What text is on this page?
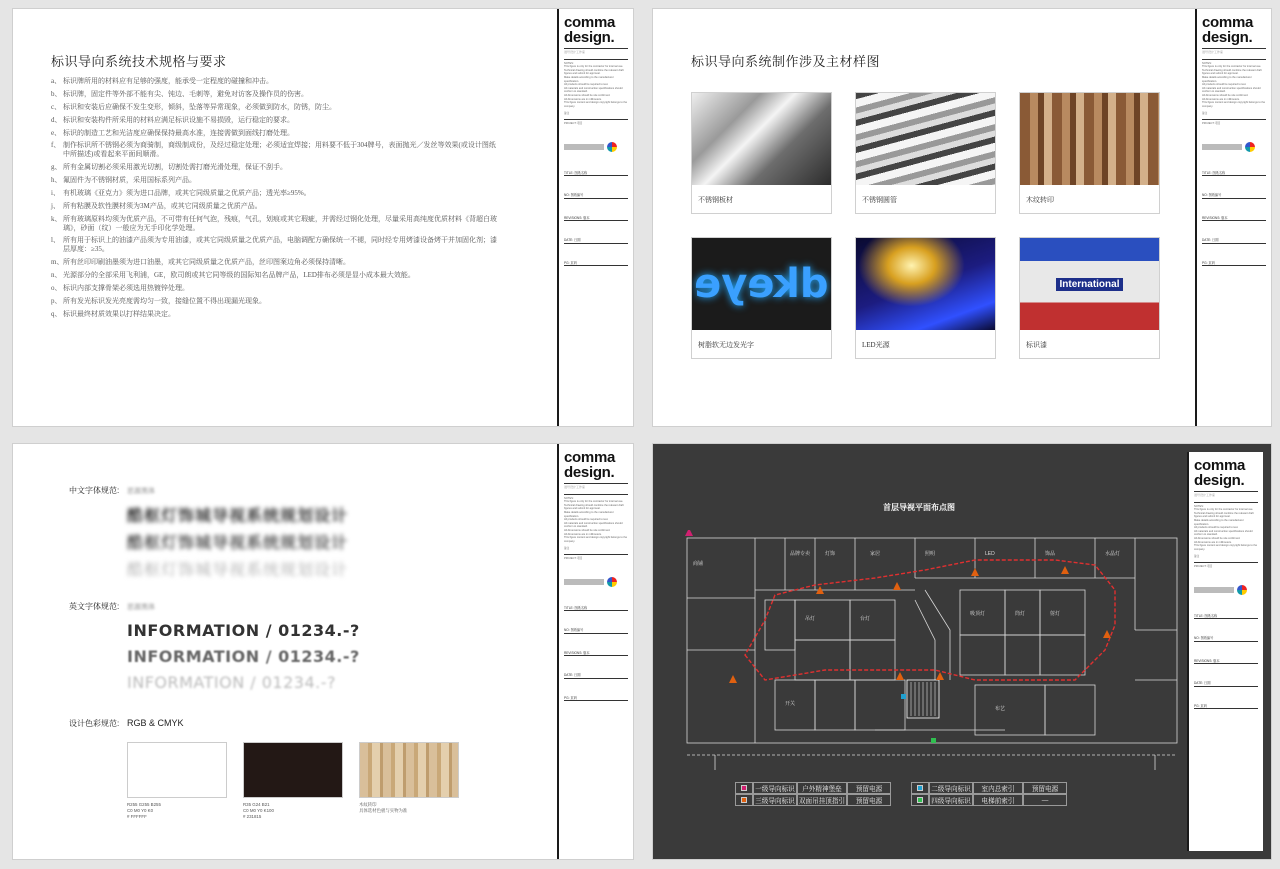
标识导向系统技术规格与要求
a、 标识牌所用的材料应有足够的强度，能承受一定程度的碰撞和冲击。
b、 标识牌，固定件等外部不能有尖、钝边、毛刺等，避免对访客及操作员的伤害。
c、 标识和安装后应确保不发生变形，倾斜，坠落等异常现象，必须做到防水，防锈，防尘。
d、 标识和安装构件所采用的材料应满足标识设施不易损毁，运行稳定的要求。
e、 标识的制造工艺和光洁度应确保保持最高水准，连接需做到面线打磨处理。
f、 制作标识所不锈钢必须为商骑制，商级制成份，及经过稳定处理；必须适宜焊接；用料要不低于304牌号，表面抛光／发丝等效果(或设计图纸中所描述)或看起来平面间顺滑。
g、 所有金属切割必须采用激光切割，切割处需打磨光滑处理，保证不刮手。
h、 氟固件为不锈钢材质，采用国标系列产品。
i、 有机玻璃《亚克力》须为进口品牌，或其它同级质量之优质产品；透光率≥95%。
j、 所有粘膜及软性膜材须为3M产品，或其它同级质量之优质产品。
k、 所有玻璃原料均须为优质产品，不可带有任何气泡，残痕，气孔，划痕或其它瑕疵，并需经过钢化处理，尽量采用高纯度优质材料《背超白玻璃》，砂面（纹）一般应为无手印化学处理。
l、 所有用于标识上的油漆产品须为专用油漆，或其它同级质量之优质产品，电脑调配方确保统一不褪，同时经专用烤漆设备烤干并加固化剂；漆层厚度：≥35。
m、 所有丝印印刷油墨须为进口油墨，或其它同级质量之优质产品，丝印图案边角必须保持清晰。
n、 光源部分的全部采用飞利浦，GE，欧司朗或其它同等级的国际知名品牌产品，LED排布必须是显小成本最大效能。
o、 标识内部支撑骨架必须选用热镀锌处理。
p、 所有发光标识发光亮度需均匀一致，接缝位置不得出现漏光现象。
q、 标识最终材质效果以打样结果决定。
comma
design.
逗号设计工作室
NOTES:
This figure is only for the contractor for internal use.
Technical drawing should combine the relevant draft figures and submit for approval.
Make details according to the manufacturer specification.
All products should be required to test.
All materials and construction specifications should conform to standard.
All dimensions should be site confirmed.
All dimensions are in millimeters.
This figure content and design copyright belongs to the company.
备注
PROJECT: 项目
TITLE: 图纸名称
NO: 图纸编号
REVISIONS: 版本
DATE: 日期
PG: 页码
标识导向系统制作涉及主材样图
不锈钢板材	不锈钢圆管	木纹转印
dkeye
树脂软无边发光字	LED光源
International
标识漆
comma
design.
逗号设计工作室
NOTES:
This figure is only for the contractor for internal use.
Technical drawing should combine the relevant draft figures and submit for approval.
Make details according to the manufacturer specification.
All products should be required to test.
All materials and construction specifications should conform to standard.
All dimensions should be site confirmed.
All dimensions are in millimeters.
This figure content and design copyright belongs to the company.
备注
PROJECT: 项目
TITLE: 图纸名称
NO: 图纸编号
REVISIONS: 版本
DATE: 日期
PG: 页码
中文字体规范: 思源黑体
酷枢灯饰城导视系统规划设计
酷枢灯饰城导视系统规划设计
酷枢灯饰城导视系统规划设计
英文字体规范: 思源黑体
INFORMATION / 01234.-?
INFORMATION / 01234.-?
INFORMATION / 01234.-?
设计色彩规范: RGB & CMYK
R255 G255 B255
C0 M0 Y0 K0
# FFFFFF
R35 G24 B21
C0 M0 Y0 K100
# 231815
木纹转印
具体选材色板与实物为准
comma
design.
逗号设计工作室
NOTES:
This figure is only for the contractor for internal use.
Technical drawing should combine the relevant draft figures and submit for approval.
Make details according to the manufacturer specification.
All products should be required to test.
All materials and construction specifications should conform to standard.
All dimensions should be site confirmed.
All dimensions are in millimeters.
This figure content and design copyright belongs to the company.
备注
PROJECT: 项目
TITLE: 图纸名称
NO: 图纸编号
REVISIONS: 版本
DATE: 日期
PG: 页码
首层导视平面布点图
商铺
品牌专卖	灯饰	家居	照明	LED	饰品	水晶灯
吊灯	台灯
吸顶灯	筒灯	射灯
开关
布艺
一级导向标识	户外精神堡垒	预留电源	二级导向标识	室内总索引	预留电源
三级导向标识 双面吊挂顶指引	预留电源	四级导向标识	电梯前索引	—
comma
design.
逗号设计工作室
NOTES:
This figure is only for the contractor for internal use.
Technical drawing should combine the relevant draft figures and submit for approval.
Make details according to the manufacturer specification.
All products should be required to test.
All materials and construction specifications should conform to standard.
All dimensions should be site confirmed.
All dimensions are in millimeters.
This figure content and design copyright belongs to the company.
备注
PROJECT: 项目
TITLE: 图纸名称
NO: 图纸编号
REVISIONS: 版本
DATE: 日期
PG: 页码
